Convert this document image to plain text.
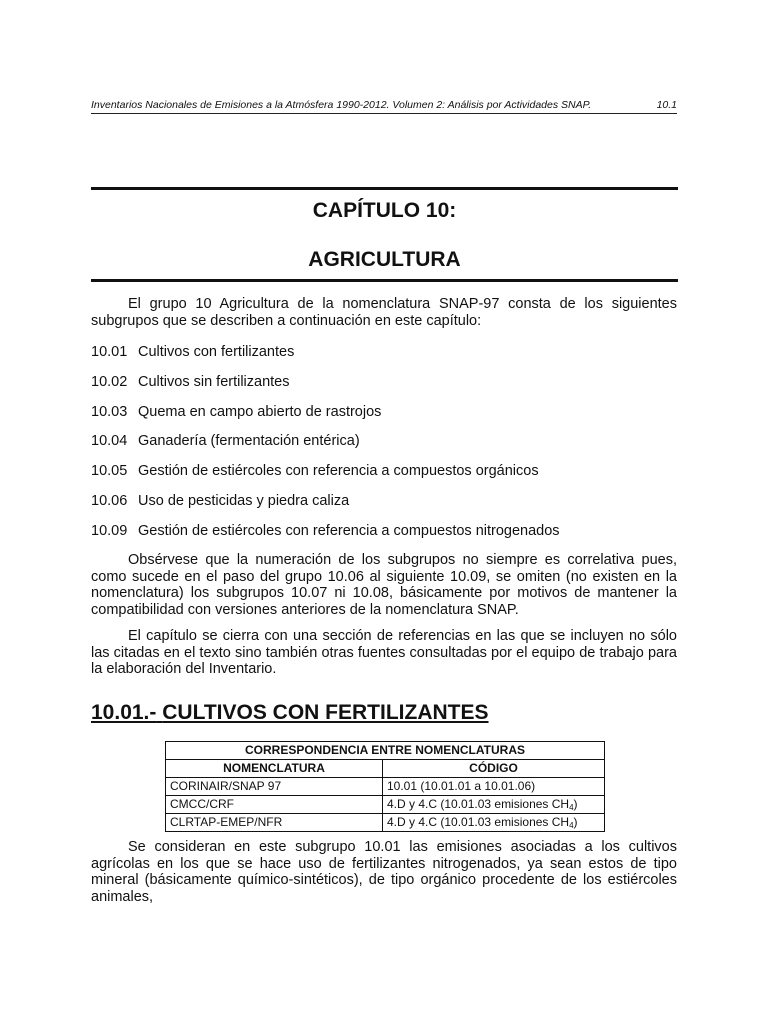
Inventarios Nacionales de Emisiones a la Atmósfera 1990-2012. Volumen 2: Análisis por Actividades SNAP.	10.1
CAPÍTULO 10:
AGRICULTURA
El grupo 10 Agricultura de la nomenclatura SNAP-97 consta de los siguientes subgrupos que se describen a continuación en este capítulo:
10.01 Cultivos con fertilizantes
10.02 Cultivos sin fertilizantes
10.03 Quema en campo abierto de rastrojos
10.04 Ganadería (fermentación entérica)
10.05 Gestión de estiércoles con referencia a compuestos orgánicos
10.06 Uso de pesticidas y piedra caliza
10.09 Gestión de estiércoles con referencia a compuestos nitrogenados
Obsérvese que la numeración de los subgrupos no siempre es correlativa pues, como sucede en el paso del grupo 10.06 al siguiente 10.09, se omiten (no existen en la nomenclatura) los subgrupos 10.07 ni 10.08, básicamente por motivos de mantener la compatibilidad con versiones anteriores de la nomenclatura SNAP.
El capítulo se cierra con una sección de referencias en las que se incluyen no sólo las citadas en el texto sino también otras fuentes consultadas por el equipo de trabajo para la elaboración del Inventario.
10.01.- CULTIVOS CON FERTILIZANTES
CORRESPONDENCIA ENTRE NOMENCLATURAS	
NOMENCLATURA	CÓDIGO
CORINAIR/SNAP 97	10.01 (10.01.01 a 10.01.06)
CMCC/CRF	4.D y 4.C (10.01.03 emisiones $CH_4$)
CLRTAP-EMEP/NFR	4.D y 4.C (10.01.03 emisiones $CH_4$)
Se consideran en este subgrupo 10.01 las emisiones asociadas a los cultivos agrícolas en los que se hace uso de fertilizantes nitrogenados, ya sean estos de tipo mineral (básicamente químico-sintéticos), de tipo orgánico procedente de los estiércoles animales,
